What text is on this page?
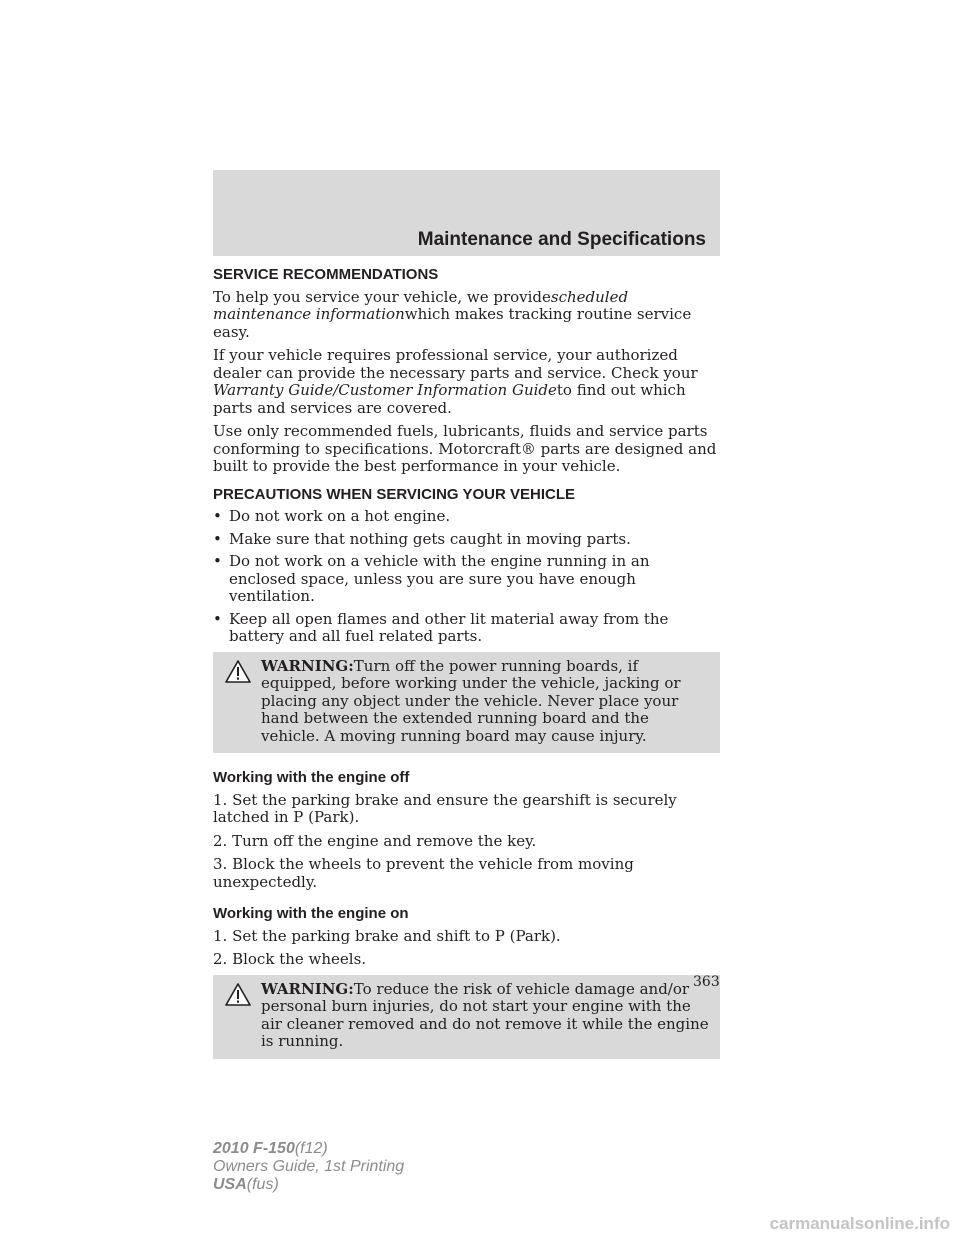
Maintenance and Specifications
SERVICE RECOMMENDATIONS

To help you service your vehicle, we providescheduled maintenance informationwhich makes tracking routine service easy.

If your vehicle requires professional service, your authorized dealer can provide the necessary parts and service. Check your Warranty Guide/Customer Information Guideto find out which parts and services are covered.

Use only recommended fuels, lubricants, fluids and service parts conforming to specifications. Motorcraft® parts are designed and built to provide the best performance in your vehicle.

PRECAUTIONS WHEN SERVICING YOUR VEHICLE
• Do not work on a hot engine.
• Make sure that nothing gets caught in moving parts.
• Do not work on a vehicle with the engine running in an enclosed space, unless you are sure you have enough ventilation.
• Keep all open flames and other lit material away from the battery and all fuel related parts.
WARNING:Turn off the power running boards, if equipped, before working under the vehicle, jacking or placing any object under the vehicle. Never place your hand between the extended running board and the vehicle. A moving running board may cause injury.
Working with the engine off

1. Set the parking brake and ensure the gearshift is securely latched in P (Park).

2. Turn off the engine and remove the key.

3. Block the wheels to prevent the vehicle from moving unexpectedly.

Working with the engine on

1. Set the parking brake and shift to P (Park).

2. Block the wheels.

WARNING:To reduce the risk of vehicle damage and/or personal burn injuries, do not start your engine with the air cleaner removed and do not remove it while the engine is running.
363
2010 F-150(f12)
Owners Guide, 1st Printing
USA(fus)
carmanualsonline.info
